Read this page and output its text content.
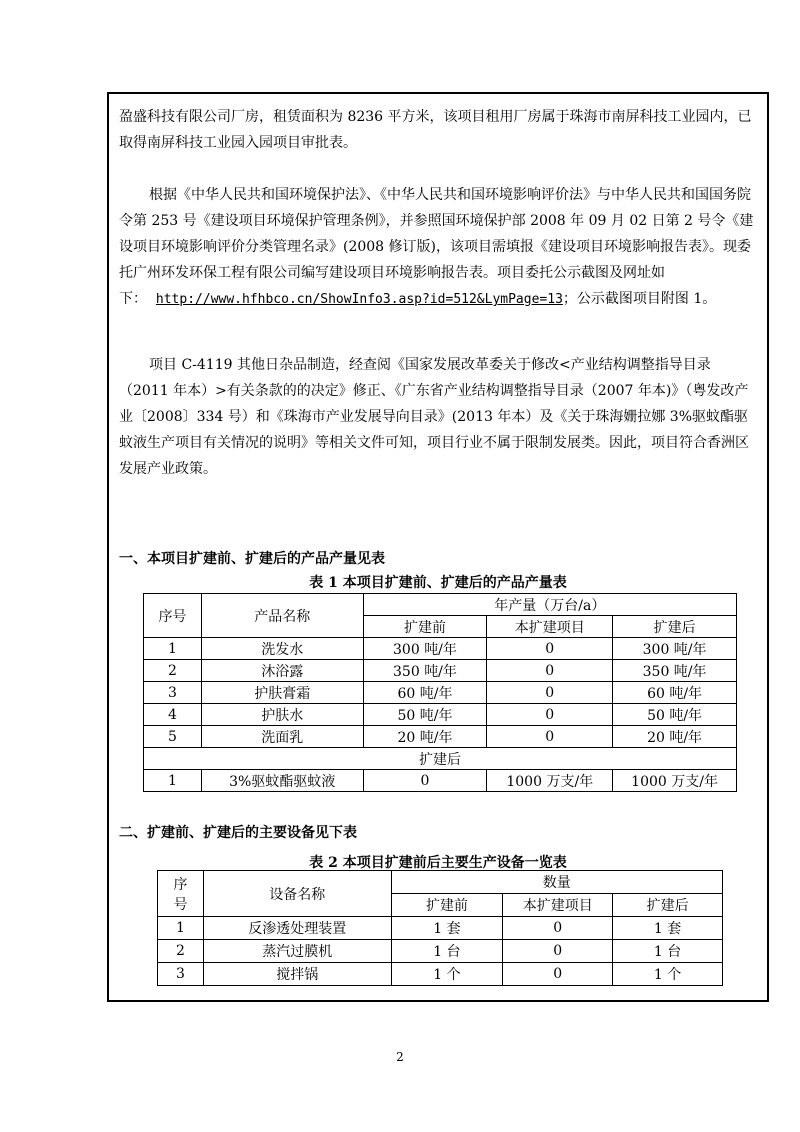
盈盛科技有限公司厂房，租赁面积为 8236 平方米，该项目租用厂房属于珠海市南屏科技工业园内，已取得南屏科技工业园入园项目审批表。

根据《中华人民共和国环境保护法》、《中华人民共和国环境影响评价法》与中华人民共和国国务院令第 253 号《建设项目环境保护管理条例》，并参照国环境保护部 2008 年 09 月 02 日第 2 号令《建设项目环境影响评价分类管理名录》(2008 修订版)，该项目需填报《建设项目环境影响报告表》。现委托广州环发环保工程有限公司编写建设项目环境影响报告表。项目委托公示截图及网址如下： http://www.hfhbco.cn/ShowInfo3.asp?id=512&LymPage=13；公示截图项目附图 1。

项目 C-4119 其他日杂品制造，经查阅《国家发展改革委关于修改<产业结构调整指导目录（2011 年本）>有关条款的的决定》修正、《广东省产业结构调整指导目录（2007 年本)》（粤发改产业〔2008〕334 号）和《珠海市产业发展导向目录》(2013 年本）及《关于珠海姗拉娜 3%驱蚊酯驱蚊液生产项目有关情况的说明》等相关文件可知，项目行业不属于限制发展类。因此，项目符合香洲区发展产业政策。

一、本项目扩建前、扩建后的产品产量见表

表 1 本项目扩建前、扩建后的产品产量表

序号	产品名称	年产量（万台/a）		
		扩建前	本扩建项目	扩建后
1	洗发水	300 吨/年	0	300 吨/年
2	沐浴露	350 吨/年	0	350 吨/年
3	护肤膏霜	60 吨/年	0	60 吨/年
4	护肤水	50 吨/年	0	50 吨/年
5	洗面乳	20 吨/年	0	20 吨/年
扩建后				
1	3%驱蚊酯驱蚊液	0	1000 万支/年	1000 万支/年

二、扩建前、扩建后的主要设备见下表

表 2 本项目扩建前后主要生产设备一览表

序
号	设备名称	数量		
		扩建前	本扩建项目	扩建后
1	反渗透处理装置	1 套	0	1 套
2	蒸汽过膜机	1 台	0	1 台
3	搅拌锅	1 个	0	1 个
2
